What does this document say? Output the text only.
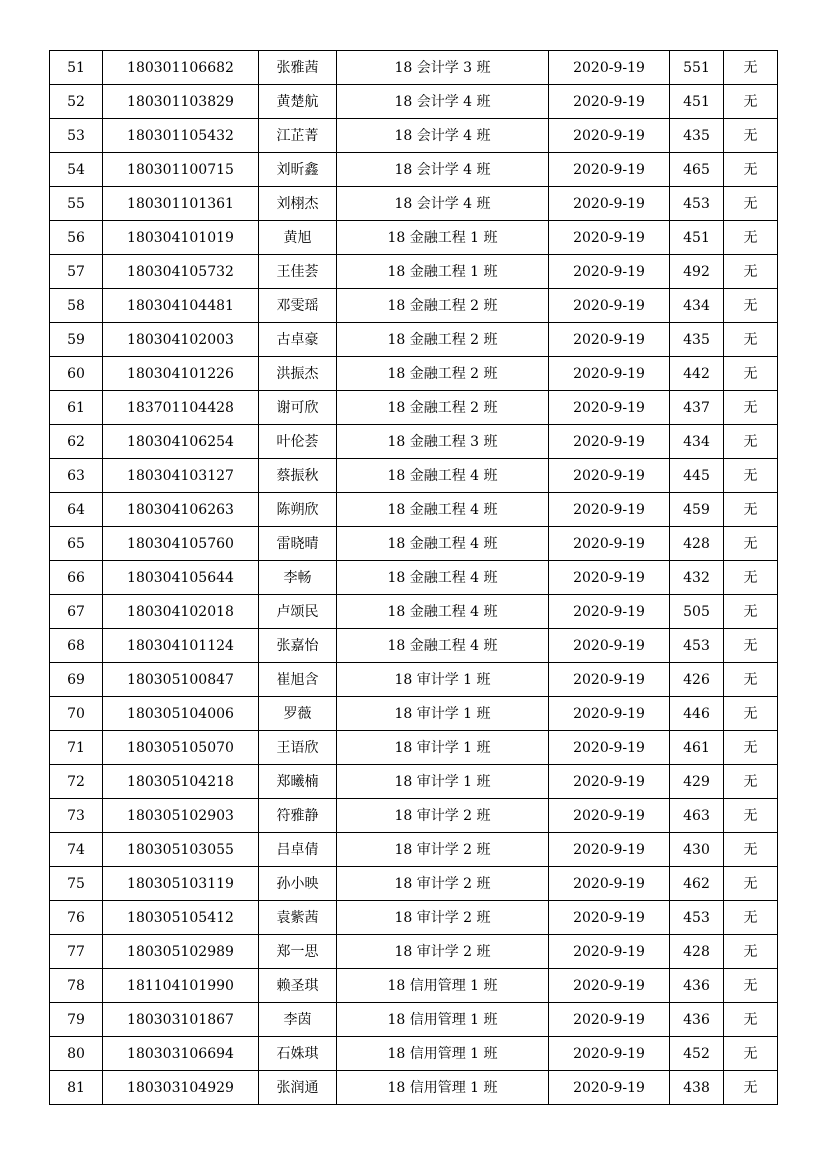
51	180301106682	张雅茜	18 会计学 3 班	2020-9-19	551	无
52	180301103829	黄楚航	18 会计学 4 班	2020-9-19	451	无
53	180301105432	江芷菁	18 会计学 4 班	2020-9-19	435	无
54	180301100715	刘昕鑫	18 会计学 4 班	2020-9-19	465	无
55	180301101361	刘栩杰	18 会计学 4 班	2020-9-19	453	无
56	180304101019	黄旭	18 金融工程 1 班	2020-9-19	451	无
57	180304105732	王佳荟	18 金融工程 1 班	2020-9-19	492	无
58	180304104481	邓雯瑶	18 金融工程 2 班	2020-9-19	434	无
59	180304102003	古卓豪	18 金融工程 2 班	2020-9-19	435	无
60	180304101226	洪振杰	18 金融工程 2 班	2020-9-19	442	无
61	183701104428	谢可欣	18 金融工程 2 班	2020-9-19	437	无
62	180304106254	叶伦荟	18 金融工程 3 班	2020-9-19	434	无
63	180304103127	蔡振秋	18 金融工程 4 班	2020-9-19	445	无
64	180304106263	陈朔欣	18 金融工程 4 班	2020-9-19	459	无
65	180304105760	雷晓晴	18 金融工程 4 班	2020-9-19	428	无
66	180304105644	李畅	18 金融工程 4 班	2020-9-19	432	无
67	180304102018	卢颂民	18 金融工程 4 班	2020-9-19	505	无
68	180304101124	张嘉怡	18 金融工程 4 班	2020-9-19	453	无
69	180305100847	崔旭含	18 审计学 1 班	2020-9-19	426	无
70	180305104006	罗薇	18 审计学 1 班	2020-9-19	446	无
71	180305105070	王语欣	18 审计学 1 班	2020-9-19	461	无
72	180305104218	郑曦楠	18 审计学 1 班	2020-9-19	429	无
73	180305102903	符雅静	18 审计学 2 班	2020-9-19	463	无
74	180305103055	吕卓倩	18 审计学 2 班	2020-9-19	430	无
75	180305103119	孙小映	18 审计学 2 班	2020-9-19	462	无
76	180305105412	袁紫茜	18 审计学 2 班	2020-9-19	453	无
77	180305102989	郑一思	18 审计学 2 班	2020-9-19	428	无
78	181104101990	赖圣琪	18 信用管理 1 班	2020-9-19	436	无
79	180303101867	李茵	18 信用管理 1 班	2020-9-19	436	无
80	180303106694	石姝琪	18 信用管理 1 班	2020-9-19	452	无
81	180303104929	张润通	18 信用管理 1 班	2020-9-19	438	无
